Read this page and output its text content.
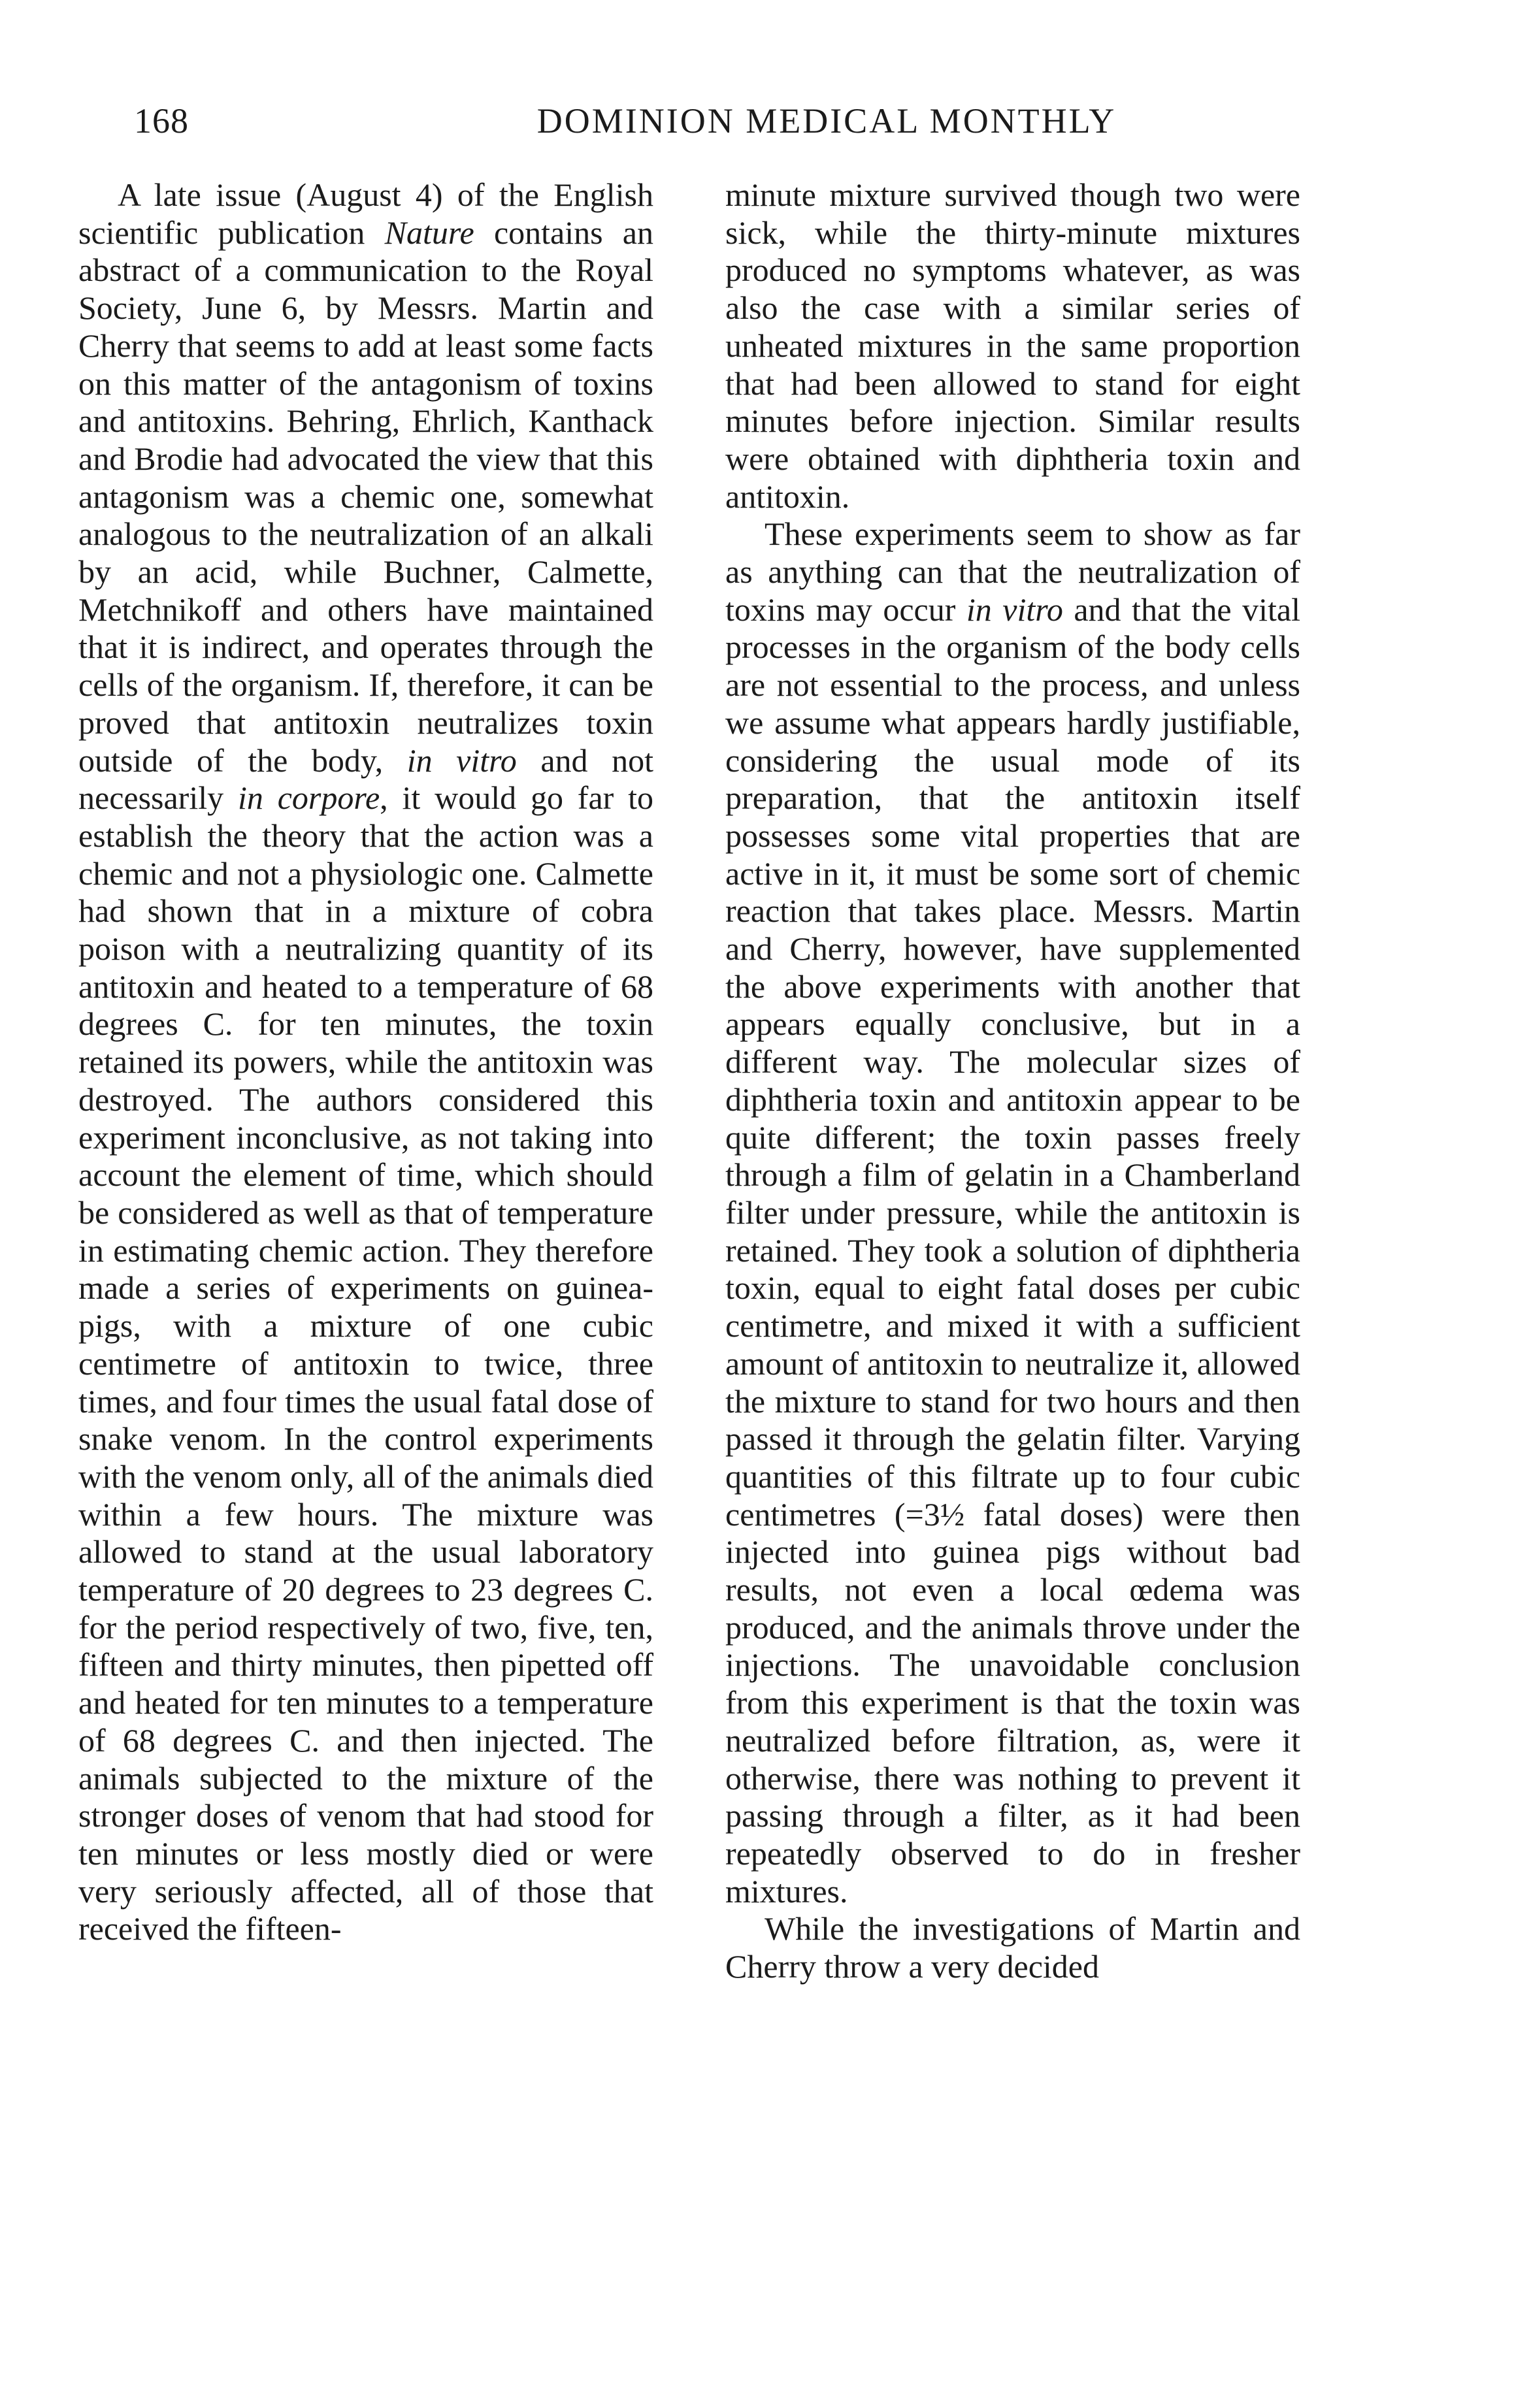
168	DOMINION MEDICAL MONTHLY

A late issue (August 4) of the English scientific publication Nature contains an abstract of a communication to the Royal Society, June 6, by Messrs. Martin and Cherry that seems to add at least some facts on this matter of the antagonism of toxins and antitoxins. Behring, Ehrlich, Kanthack and Brodie had advocated the view that this antagonism was a chemic one, somewhat analogous to the neutralization of an alkali by an acid, while Buchner, Calmette, Metchnikoff and others have maintained that it is indirect, and operates through the cells of the organism. If, therefore, it can be proved that antitoxin neutralizes toxin outside of the body, in vitro and not necessarily in corpore, it would go far to establish the theory that the action was a chemic and not a physiologic one. Calmette had shown that in a mixture of cobra poison with a neutralizing quantity of its antitoxin and heated to a temperature of 68 degrees C. for ten minutes, the toxin retained its powers, while the antitoxin was destroyed. The authors considered this experiment inconclusive, as not taking into account the element of time, which should be considered as well as that of temperature in estimating chemic action. They therefore made a series of experiments on guinea-pigs, with a mixture of one cubic centimetre of antitoxin to twice, three times, and four times the usual fatal dose of snake venom. In the control experiments with the venom only, all of the animals died within a few hours. The mixture was allowed to stand at the usual laboratory temperature of 20 degrees to 23 degrees C. for the period respectively of two, five, ten, fifteen and thirty minutes, then pipetted off and heated for ten minutes to a temperature of 68 degrees C. and then injected. The animals subjected to the mixture of the stronger doses of venom that had stood for ten minutes or less mostly died or were very seriously affected, all of those that received the fifteen-

minute mixture survived though two were sick, while the thirty-minute mixtures produced no symptoms whatever, as was also the case with a similar series of unheated mixtures in the same proportion that had been allowed to stand for eight minutes before injection. Similar results were obtained with diphtheria toxin and antitoxin.

These experiments seem to show as far as anything can that the neutralization of toxins may occur in vitro and that the vital processes in the organism of the body cells are not essential to the process, and unless we assume what appears hardly justifiable, considering the usual mode of its preparation, that the antitoxin itself possesses some vital properties that are active in it, it must be some sort of chemic reaction that takes place. Messrs. Martin and Cherry, however, have supplemented the above experiments with another that appears equally conclusive, but in a different way. The molecular sizes of diphtheria toxin and antitoxin appear to be quite different; the toxin passes freely through a film of gelatin in a Chamberland filter under pressure, while the antitoxin is retained. They took a solution of diphtheria toxin, equal to eight fatal doses per cubic centimetre, and mixed it with a sufficient amount of antitoxin to neutralize it, allowed the mixture to stand for two hours and then passed it through the gelatin filter. Varying quantities of this filtrate up to four cubic centimetres (=3½ fatal doses) were then injected into guinea pigs without bad results, not even a local œdema was produced, and the animals throve under the injections. The unavoidable conclusion from this experiment is that the toxin was neutralized before filtration, as, were it otherwise, there was nothing to prevent it passing through a filter, as it had been repeatedly observed to do in fresher mixtures.

While the investigations of Martin and Cherry throw a very decided
